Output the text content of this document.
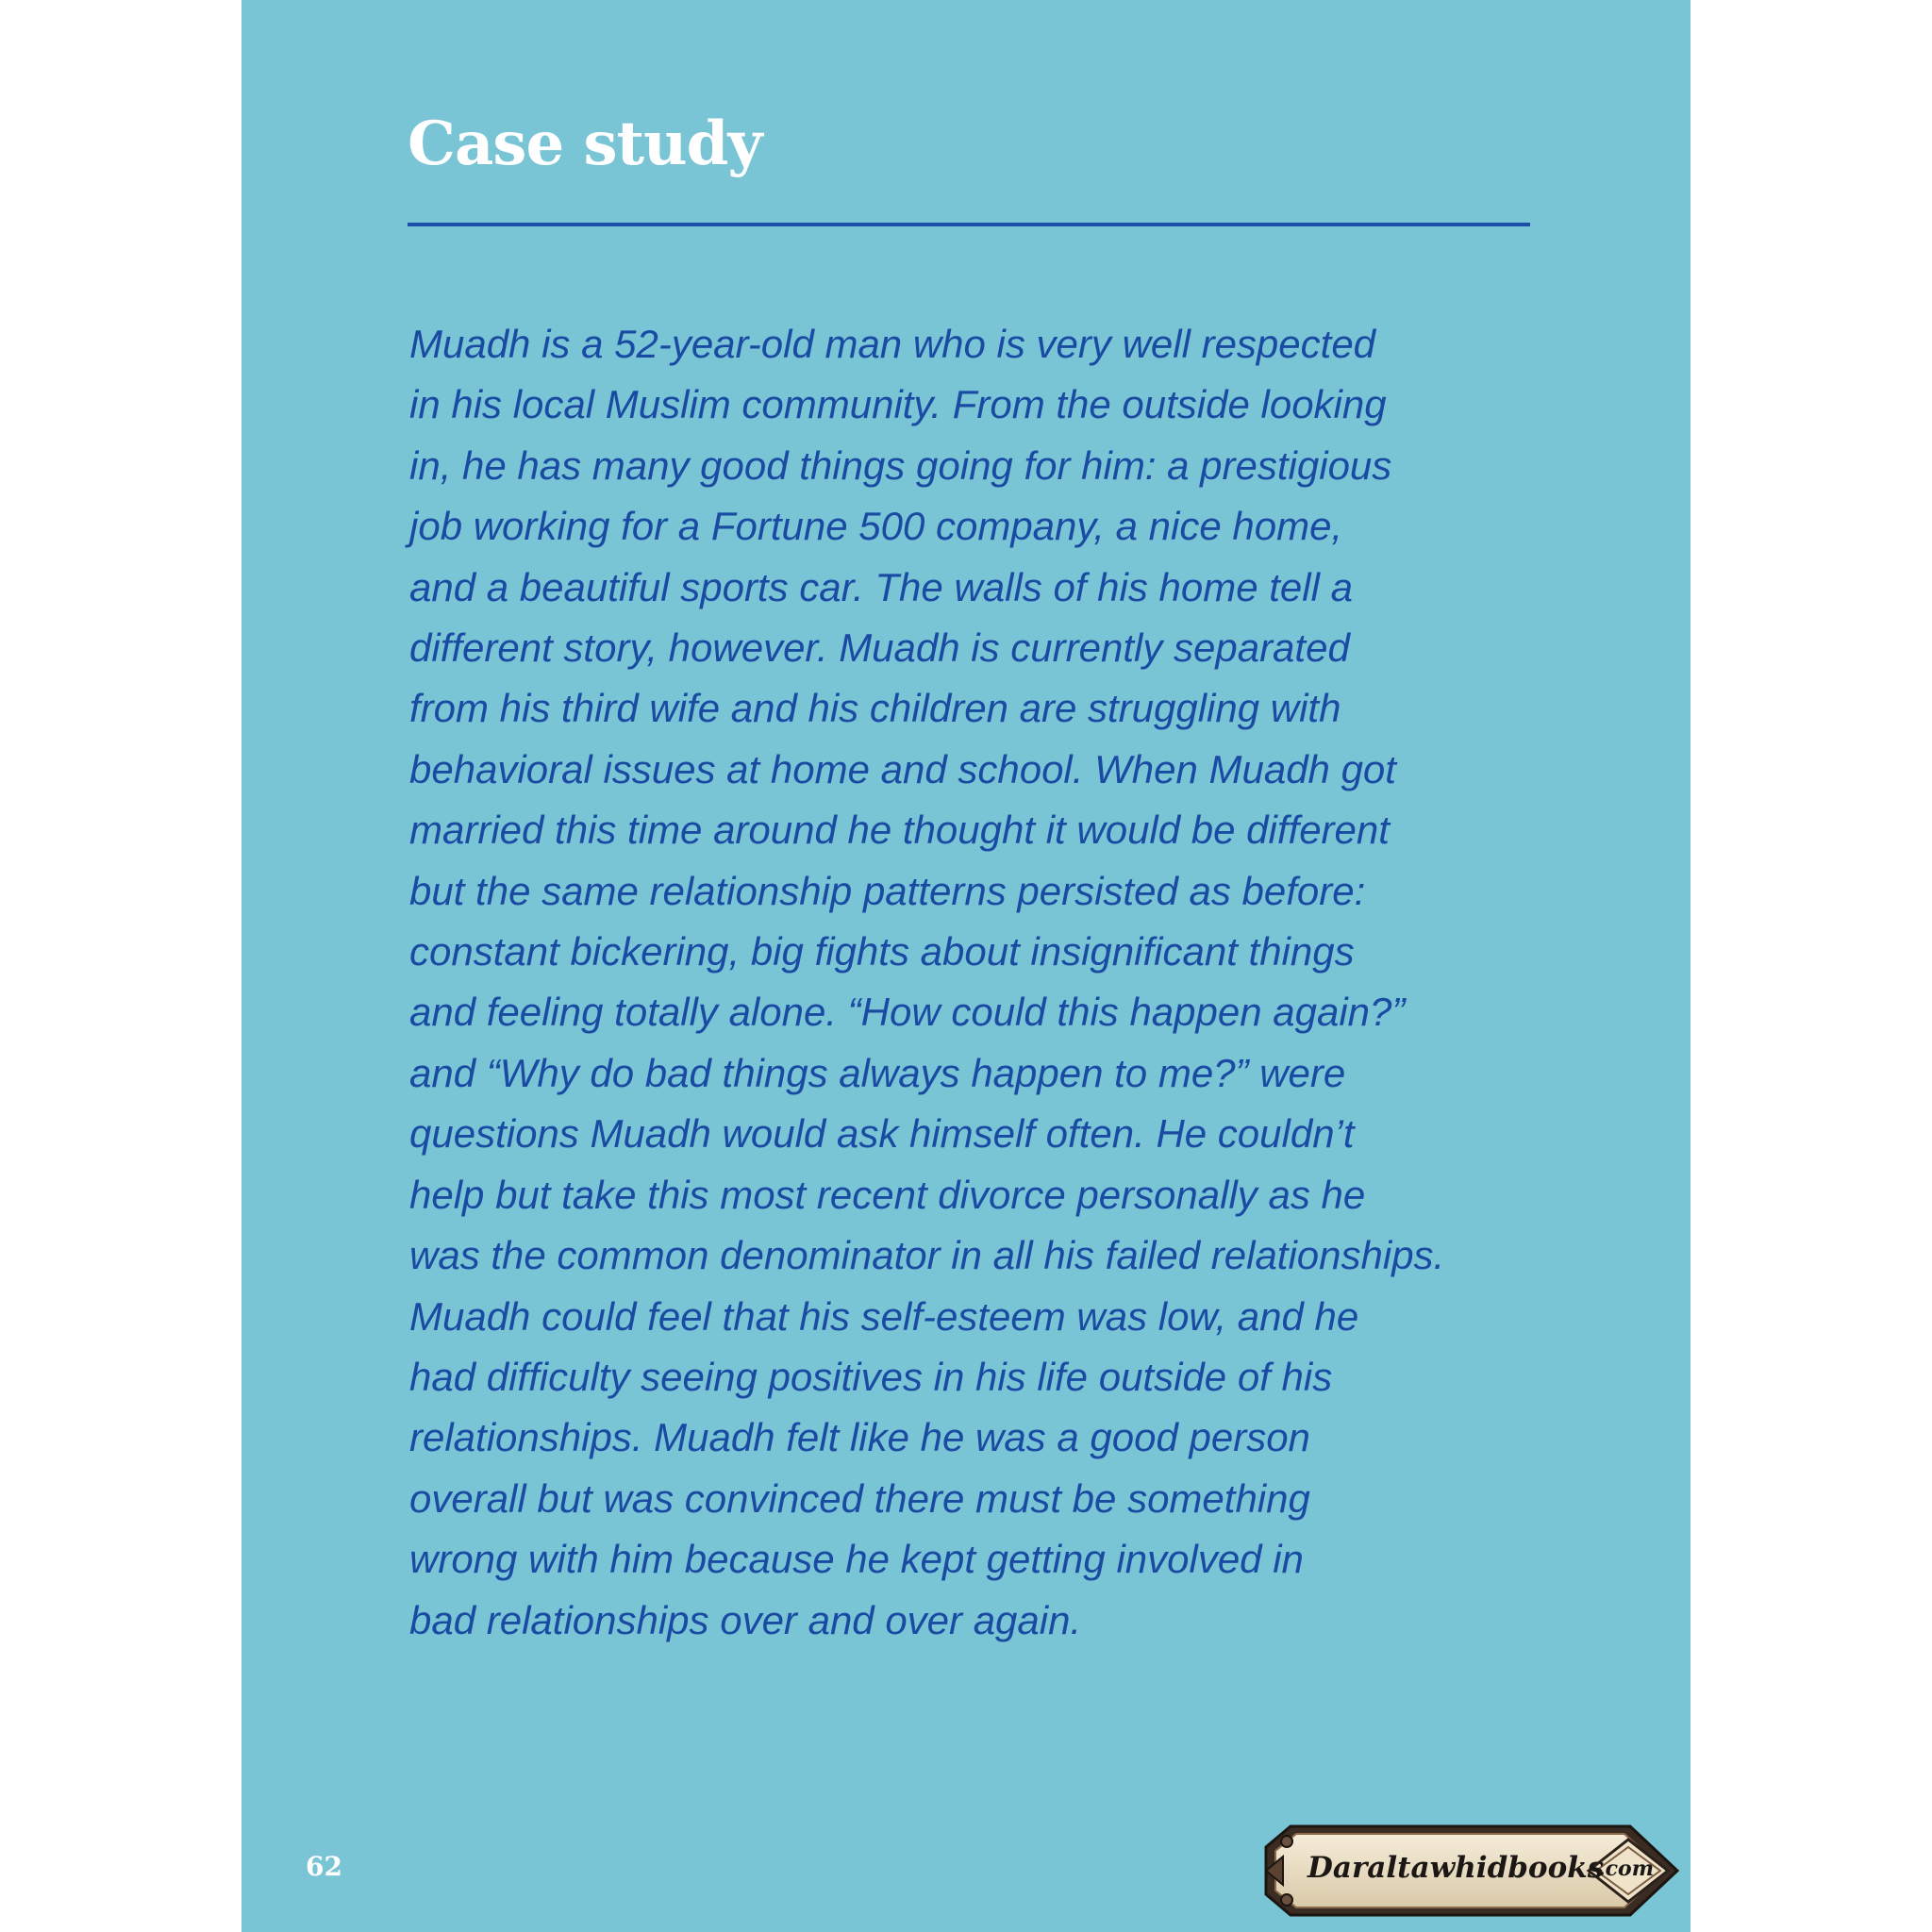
Case study

Muadh is a 52-year-old man who is very well respected
in his local Muslim community. From the outside looking
in, he has many good things going for him: a prestigious
job working for a Fortune 500 company, a nice home,
and a beautiful sports car. The walls of his home tell a
different story, however. Muadh is currently separated
from his third wife and his children are struggling with
behavioral issues at home and school. When Muadh got
married this time around he thought it would be different
but the same relationship patterns persisted as before:
constant bickering, big fights about insignificant things
and feeling totally alone. “How could this happen again?”
and “Why do bad things always happen to me?” were
questions Muadh would ask himself often. He couldn’t
help but take this most recent divorce personally as he
was the common denominator in all his failed relationships.
Muadh could feel that his self-esteem was low, and he
had difficulty seeing positives in his life outside of his
relationships. Muadh felt like he was a good person
overall but was convinced there must be something
wrong with him because he kept getting involved in
bad relationships over and over again.

62	Daraltawhidbooks
.com
